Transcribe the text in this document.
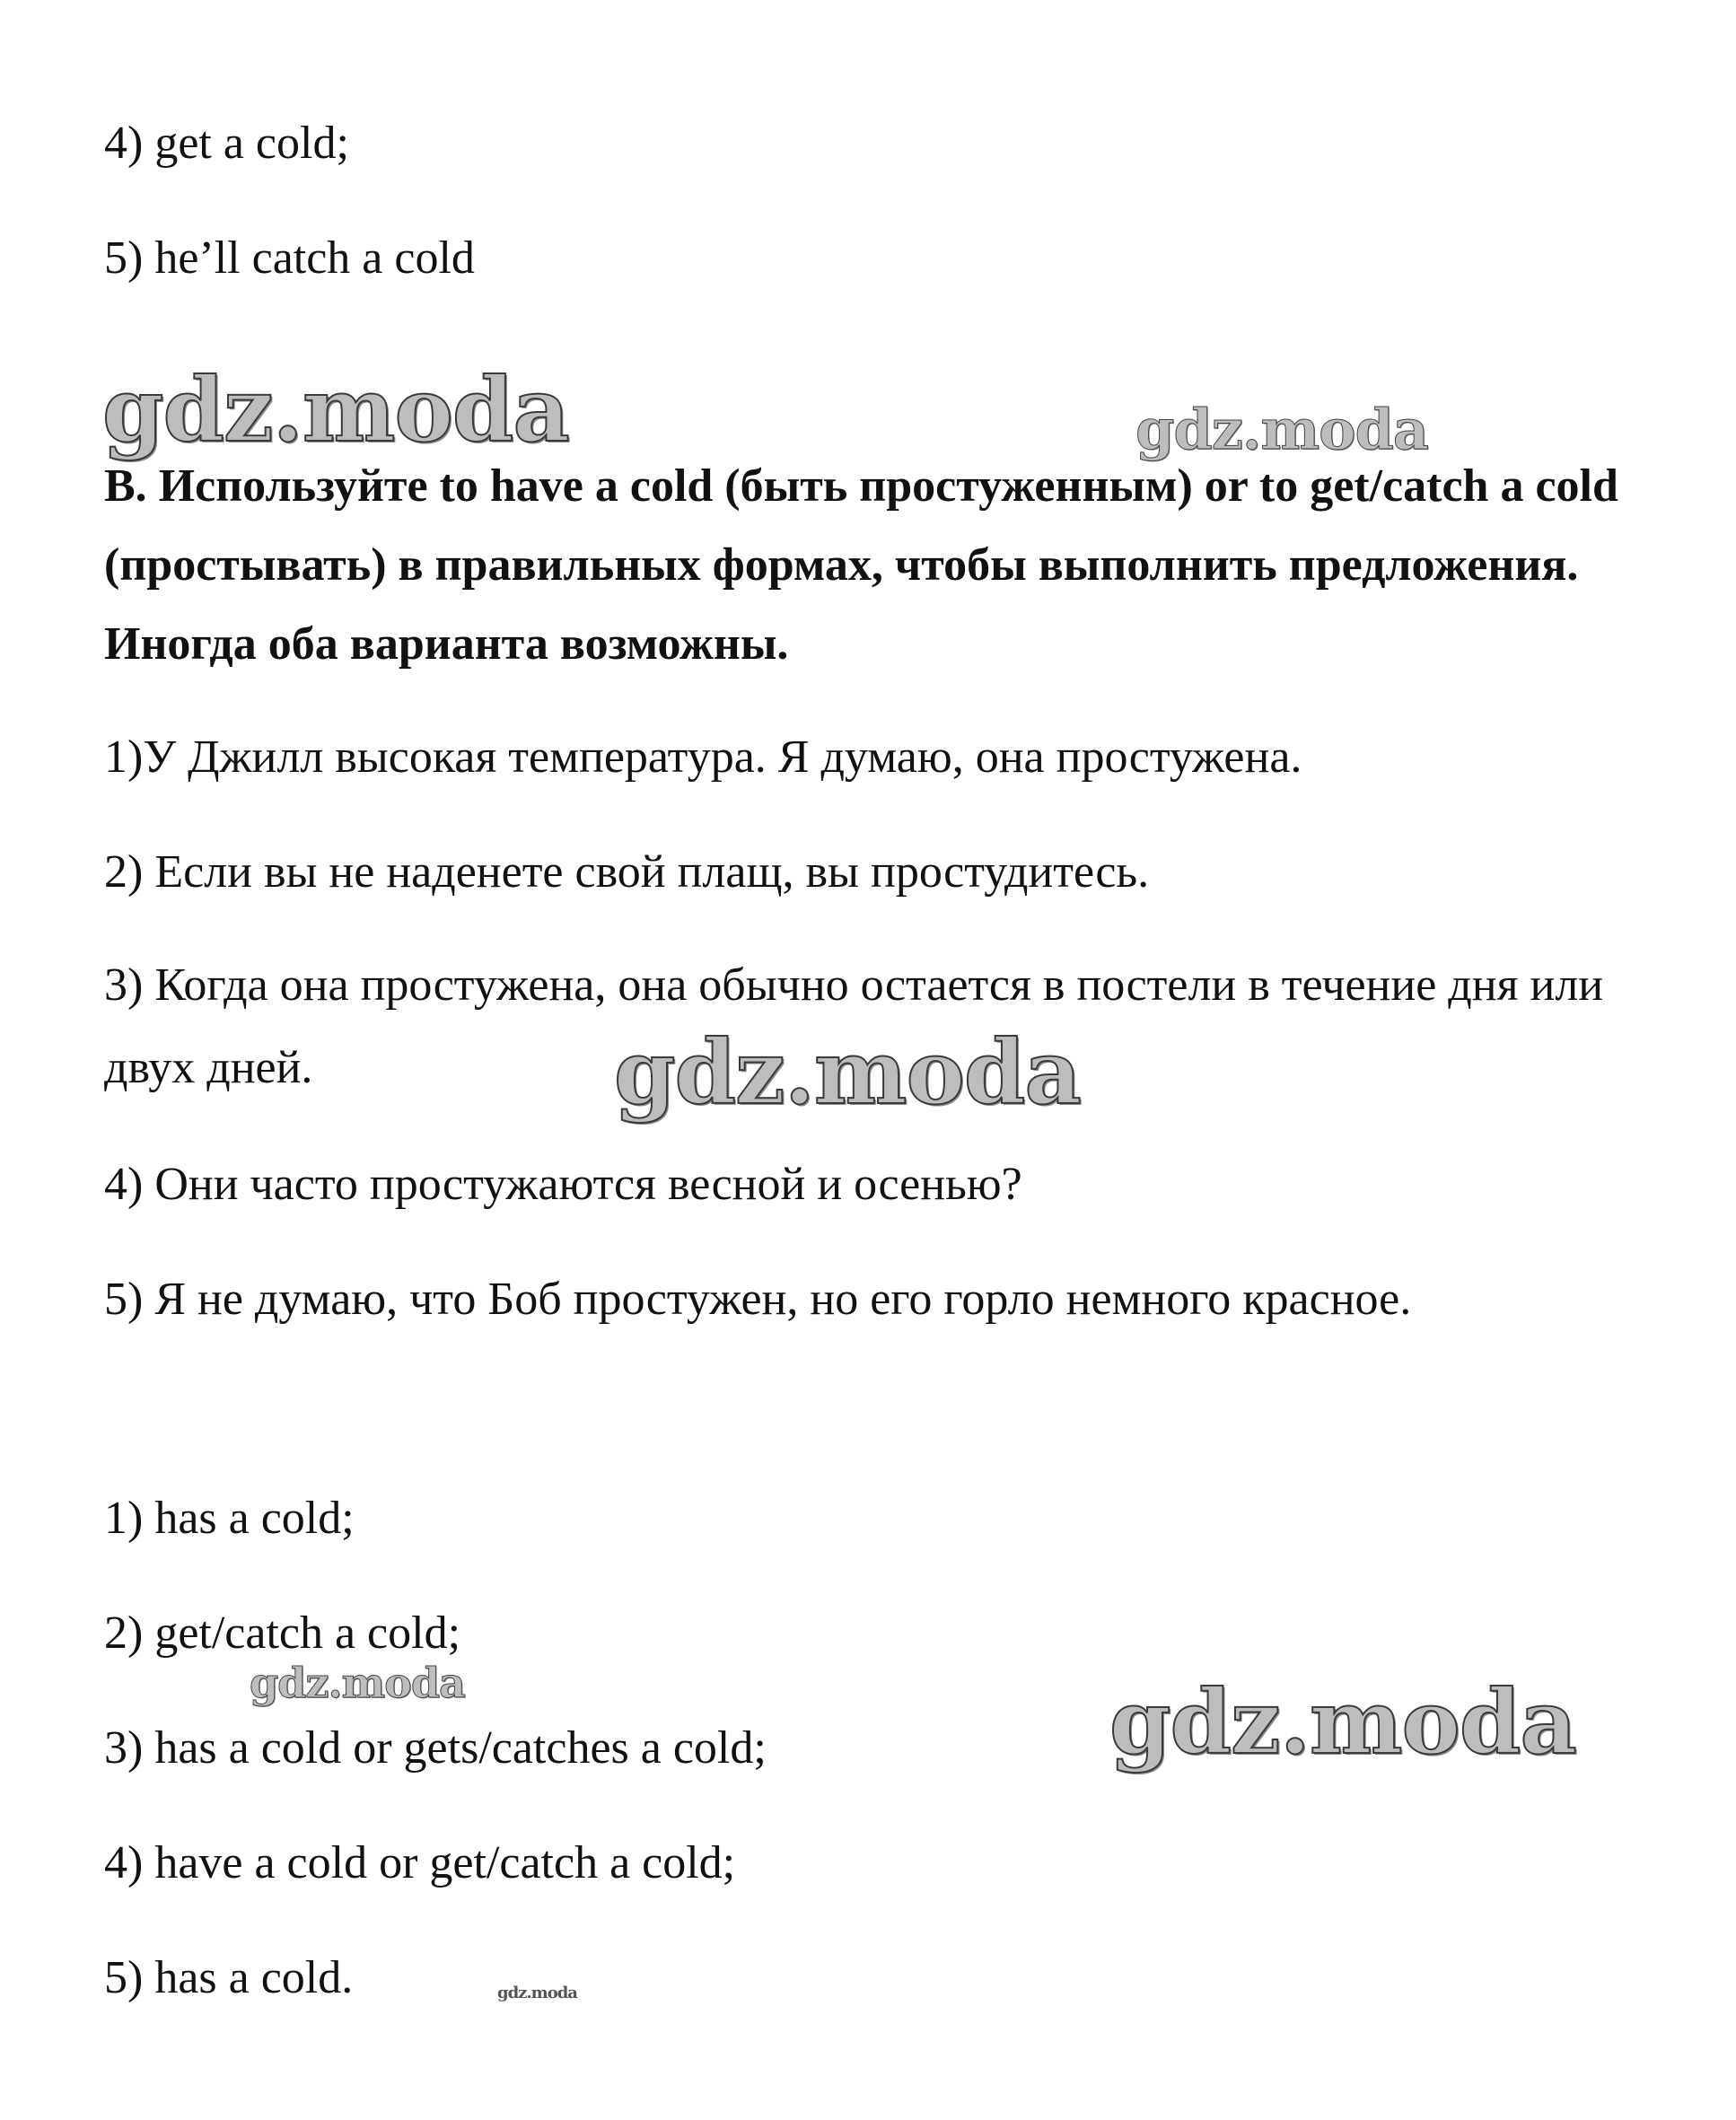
4) get a cold;
5) he’ll catch a cold
gdz.moda	gdz.moda
B. Используйте to have a cold (быть простуженным) or to get/catch a cold (простывать) в правильных формах, чтобы выполнить предложения. Иногда оба варианта возможны.
1)У Джилл высокая температура. Я думаю, она простужена.
2) Если вы не наденете свой плащ, вы простудитесь.
3) Когда она простужена, она обычно остается в постели в течение дня или двух дней.	gdz.moda
4) Они часто простужаются весной и осенью?
5) Я не думаю, что Боб простужен, но его горло немного красное.
1) has a cold;
2) get/catch a cold;
gdz.moda	gdz.moda
3) has a cold or gets/catches a cold;
4) have a cold or get/catch a cold;
5) has a cold.	gdz.moda
